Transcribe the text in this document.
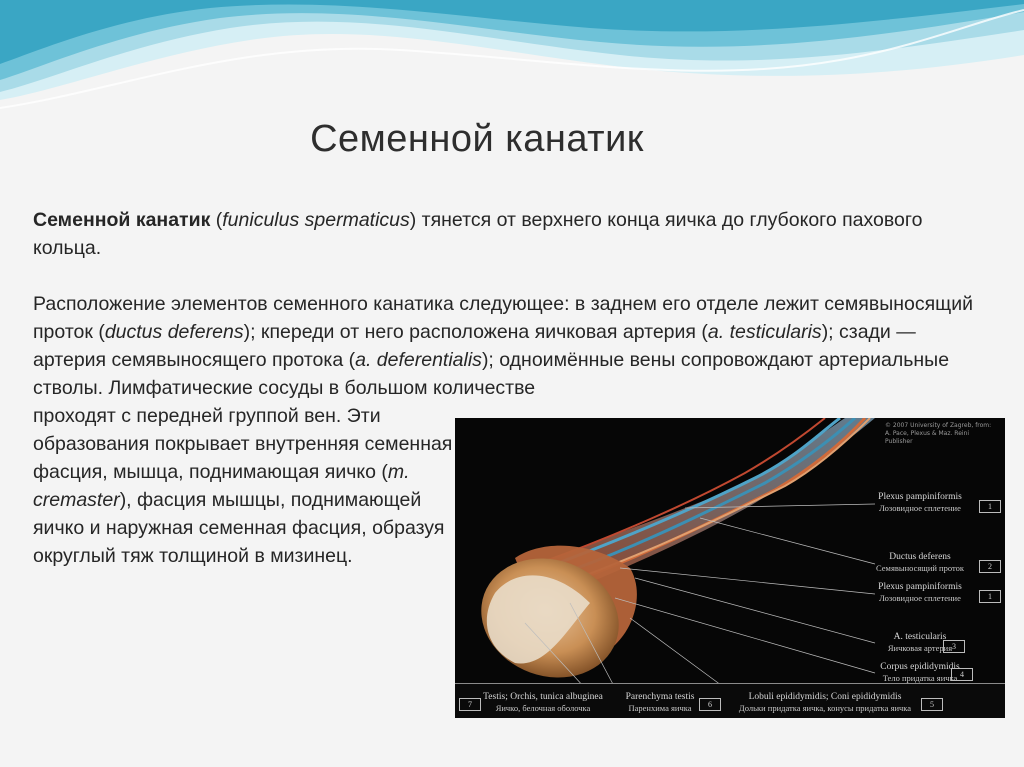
Семенной канатик

Семенной канатик (funiculus spermaticus) тянется от верхнего конца яичка до глубокого пахового кольца.

Расположение элементов семенного канатика следующее: в заднем его отделе лежит семявыносящий проток (ductus deferens); кпереди от него расположена яичковая артерия (a. testicularis); сзади — артерия семявыносящего протока (a. deferentialis); одноимённые вены сопровождают артериальные стволы. Лимфатические сосуды в большом количестве

проходят с передней группой вен. Эти образования покрывает внутренняя семенная фасция, мышца, поднимающая яичко (m. cremaster), фасция мышцы, поднимающей яичко и наружная семенная фасция, образуя округлый тяж толщиной в мизинец.

© 2007 University of Zagreb, from: A. Pace, Plexus & Maz. Reini Publisher
Plexus pampiniformis
Лозовидное сплетение	1
Ductus deferens
Семявыносящий проток	2
Plexus pampiniformis
Лозовидное сплетение	1
A. testicularis
Яичковая артерия 3
Corpus epididymidis
Тело придатка яичка 4
7
Testis; Orchis, tunica albuginea
Яичко, белочная оболочка
Parenchyma testis
Паренхима яичка	6
Lobuli epididymidis; Coni epididymidis
Дольки придатка яичка, конусы придатка яичка	5
